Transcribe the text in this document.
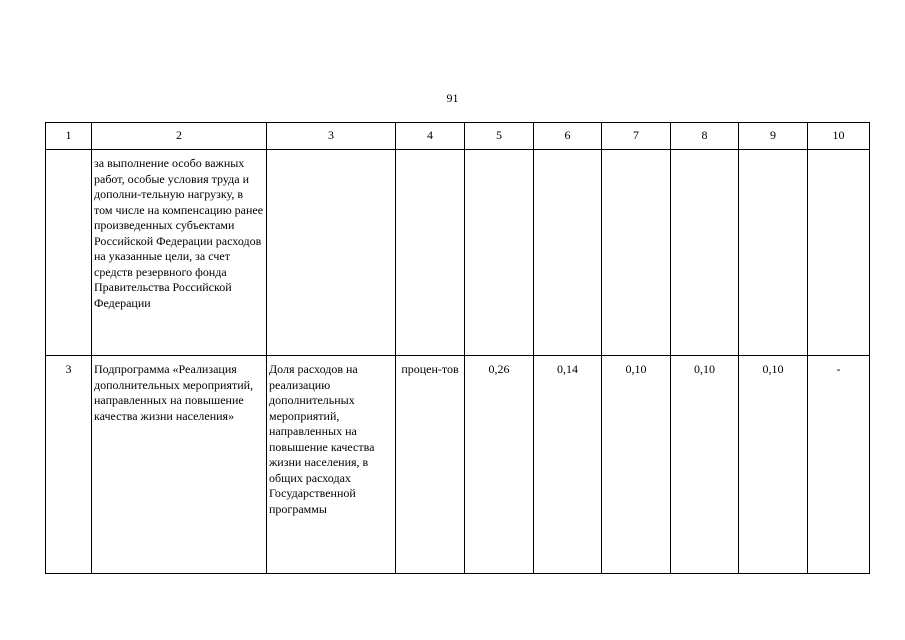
91
1	2	3	4	5	6	7	8	9	10
	за выполнение особо важных работ, особые условия труда и дополни-тельную нагрузку, в том числе на компенсацию ранее произведенных субъектами Российской Федерации расходов на указанные цели, за счет средств резервного фонда Правительства Российской Федерации								
3	Подпрограмма «Реализация дополнительных мероприятий, направленных на повышение качества жизни населения»	Доля расходов на реализацию дополнительных мероприятий, направленных на повышение качества жизни населения, в общих расходах Государственной программы	процен-тов	0,26	0,14	0,10	0,10	0,10	-
